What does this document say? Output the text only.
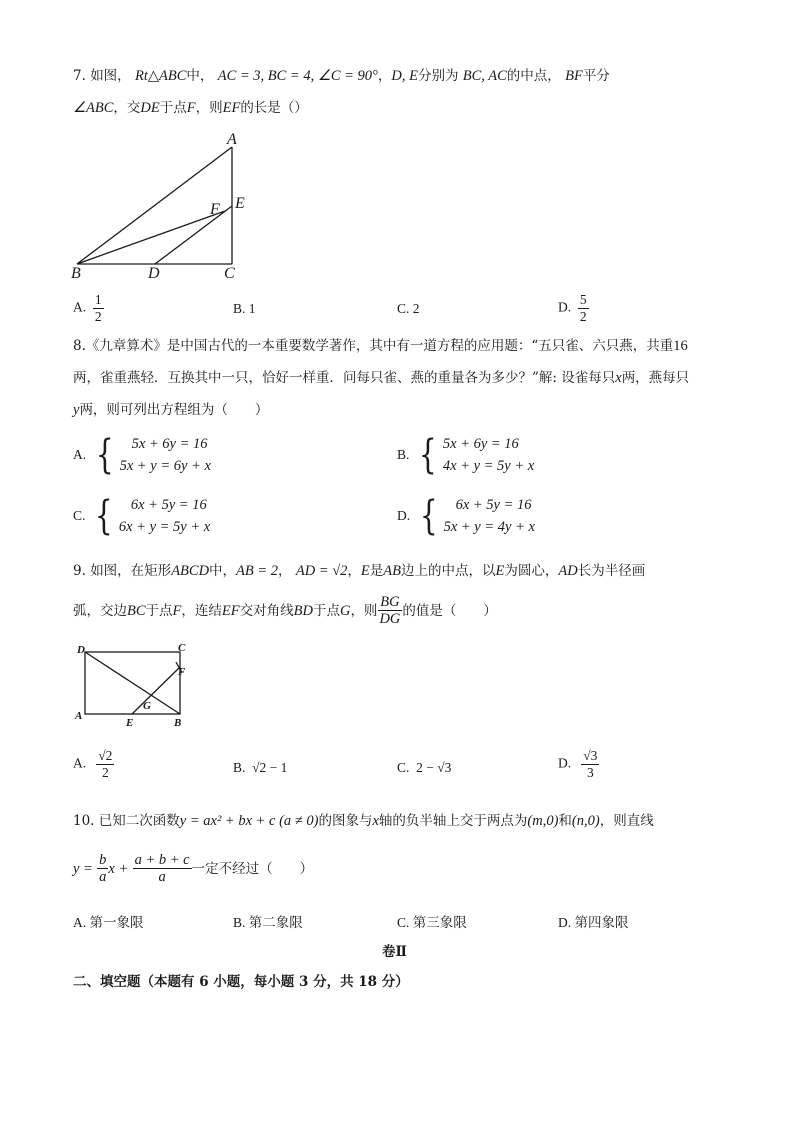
7. 如图， Rt△ABC中， AC = 3, BC = 4, ∠C = 90°，D, E分别为 BC, AC的中点， BF平分
∠ABC，交DE于点F，则EF的长是（）
A
B	C
D
E
F
A. $\frac{1}{2}$	B. 1	C. 2	D. $\frac{5}{2}$
8.《九章算术》是中国古代的一本重要数学著作，其中有一道方程的应用题：“五只雀、六只燕，共重16
两，雀重燕轻．互换其中一只，恰好一样重．问每只雀、燕的重量各为多少？”解: 设雀每只x两，燕每只
y两，则可列出方程组为（　　）
A. {	5x + 6y = 16
5x + y = 6y + x
B. { 5x + 6y = 16
4x + y = 5y + x
C. {	6x + 5y = 16
6x + y = 5y + x
D. {	6x + 5y = 16
5x + y = 4y + x
9. 如图，在矩形ABCD中，AB = 2， AD = √2，E是AB边上的中点，以E为圆心，AD长为半径画
弧，交边 BC 于点 F ，连结 EF 交对角线 BD 于点 G ，则 $\frac{BG}{DG}$ 的值是（　　）
A
B
C
D
E
F
G
A. $\frac{√2}{2}$	B. √2 − 1	C. 2 − √3	D. $\frac{√3}{3}$
10. 已知二次函数y = ax² + bx + c (a ≠ 0)的图象与x轴的负半轴上交于两点为(m,0)和(n,0)，则直线
y =
$\frac{b}{a}$ x +
$\frac{a + b + c}{a}$ 一定不经过（　　）
A. 第一象限	B. 第二象限	C. 第三象限	D. 第四象限
卷Ⅱ
二、填空题（本题有 6 小题，每小题 3 分，共 18 分）
